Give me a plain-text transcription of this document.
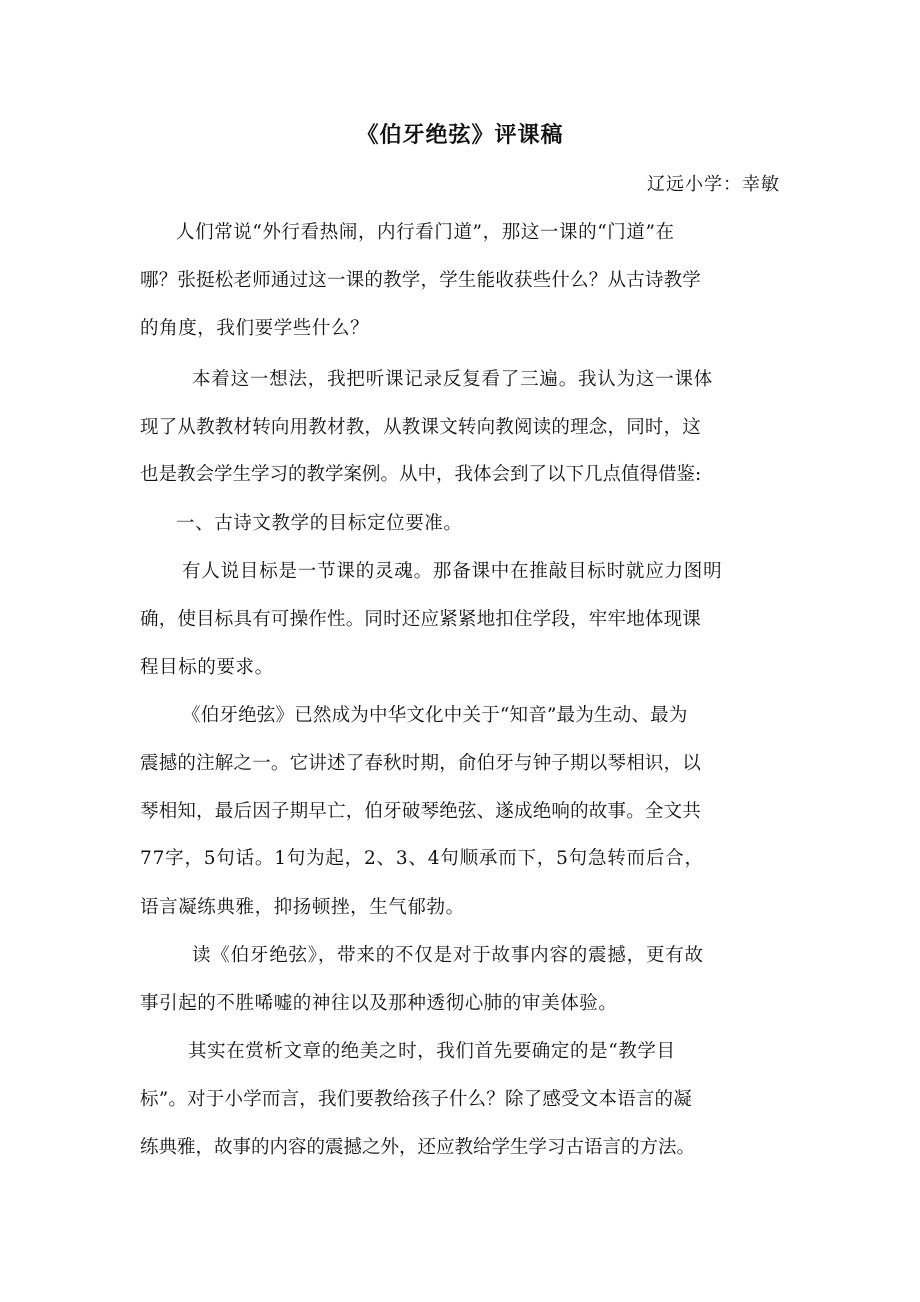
《伯牙绝弦》评课稿
辽远小学：幸敏
人们常说“外行看热闹，内行看门道”，那这一课的“门道”在
哪？张挺松老师通过这一课的教学，学生能收获些什么？从古诗教学
的角度，我们要学些什么？
本着这一想法，我把听课记录反复看了三遍。我认为这一课体
现了从教教材转向用教材教，从教课文转向教阅读的理念，同时，这
也是教会学生学习的教学案例。从中，我体会到了以下几点值得借鉴:
一、古诗文教学的目标定位要准。
有人说目标是一节课的灵魂。那备课中在推敲目标时就应力图明
确，使目标具有可操作性。同时还应紧紧地扣住学段，牢牢地体现课
程目标的要求。
《伯牙绝弦》已然成为中华文化中关于“知音”最为生动、最为
震撼的注解之一。它讲述了春秋时期，俞伯牙与钟子期以琴相识，以
琴相知，最后因子期早亡，伯牙破琴绝弦、遂成绝响的故事。全文共
77字，5句话。1句为起，2、3、4句顺承而下，5句急转而后合，
语言凝练典雅，抑扬顿挫，生气郁勃。
读《伯牙绝弦》，带来的不仅是对于故事内容的震撼，更有故
事引起的不胜唏嘘的神往以及那种透彻心肺的审美体验。
其实在赏析文章的绝美之时，我们首先要确定的是“教学目
标”。对于小学而言，我们要教给孩子什么？除了感受文本语言的凝
练典雅，故事的内容的震撼之外，还应教给学生学习古语言的方法。
